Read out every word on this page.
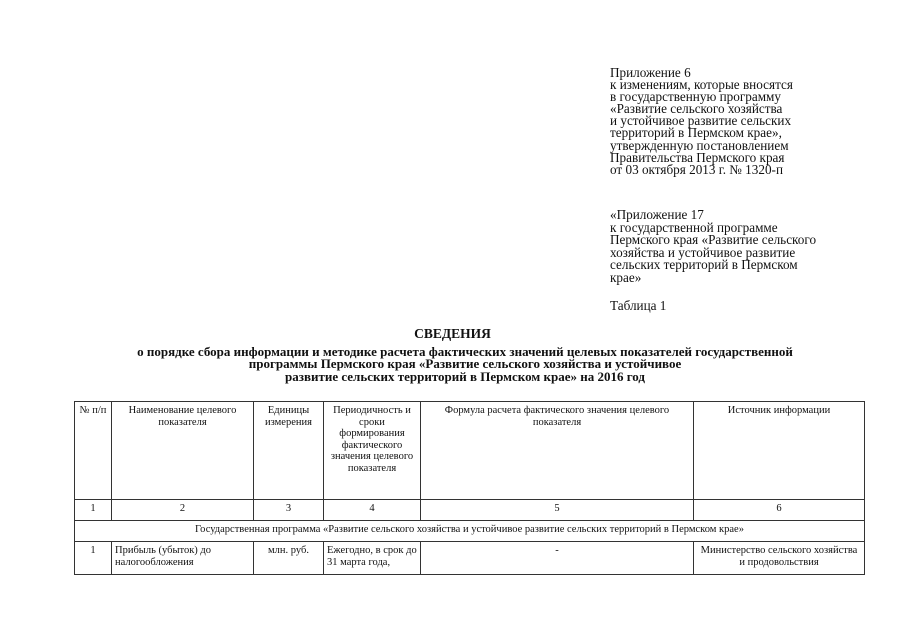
Приложение 6
к изменениям, которые вносятся
в государственную программу
«Развитие сельского хозяйства
и устойчивое развитие сельских
территорий в Пермском крае»,
утвержденную постановлением
Правительства Пермского края
от 03 октября 2013 г. № 1320-п
«Приложение 17
к государственной программе
Пермского края «Развитие сельского
хозяйства и устойчивое развитие
сельских территорий в Пермском
крае»
Таблица 1
СВЕДЕНИЯ
о порядке сбора информации и методике расчета фактических значений целевых показателей государственной
программы Пермского края «Развитие сельского хозяйства и устойчивое
развитие сельских территорий в Пермском крае» на 2016 год
№ п/п	Наименование целевого показателя	Единицы измерения	Периодичность и сроки формирования фактического значения целевого показателя	Формула расчета фактического значения целевого показателя	Источник информации
1	2	3	4	5	6
Государственная программа «Развитие сельского хозяйства и устойчивое развитие сельских территорий в Пермском крае»					
1	Прибыль (убыток) до налогообложения	млн. руб.	Ежегодно, в срок до 31 марта года,	-	Министерство сельского хозяйства и продовольствия
